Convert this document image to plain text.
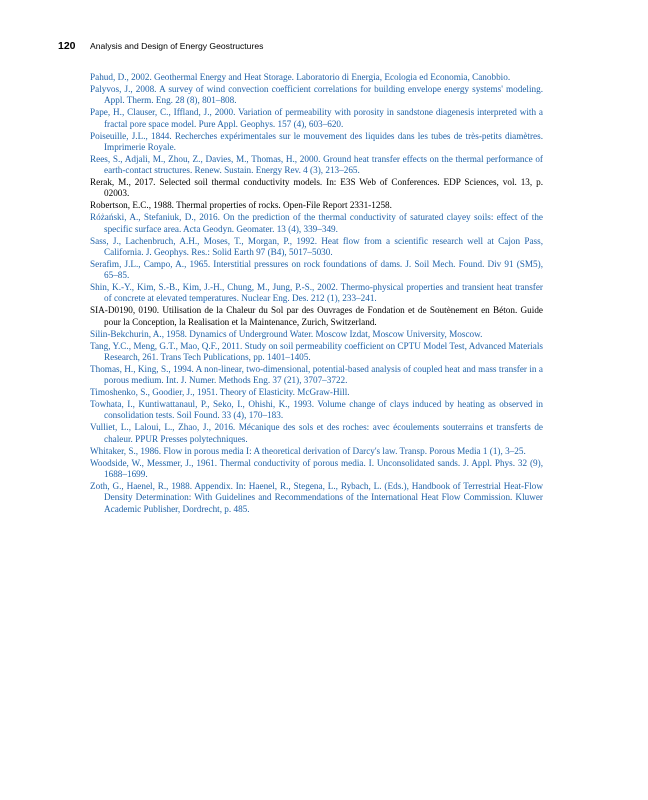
120	Analysis and Design of Energy Geostructures
Pahud, D., 2002. Geothermal Energy and Heat Storage. Laboratorio di Energia, Ecologia ed Economia, Canobbio.
Palyvos, J., 2008. A survey of wind convection coefficient correlations for building envelope energy systems' modeling. Appl. Therm. Eng. 28 (8), 801–808.
Pape, H., Clauser, C., Iffland, J., 2000. Variation of permeability with porosity in sandstone diagenesis interpreted with a fractal pore space model. Pure Appl. Geophys. 157 (4), 603–620.
Poiseuille, J.L., 1844. Recherches expérimentales sur le mouvement des liquides dans les tubes de très-petits diamètres. Imprimerie Royale.
Rees, S., Adjali, M., Zhou, Z., Davies, M., Thomas, H., 2000. Ground heat transfer effects on the thermal performance of earth-contact structures. Renew. Sustain. Energy Rev. 4 (3), 213–265.
Rerak, M., 2017. Selected soil thermal conductivity models. In: E3S Web of Conferences. EDP Sciences, vol. 13, p. 02003.
Robertson, E.C., 1988. Thermal properties of rocks. Open-File Report 2331-1258.
Różański, A., Stefaniuk, D., 2016. On the prediction of the thermal conductivity of saturated clayey soils: effect of the specific surface area. Acta Geodyn. Geomater. 13 (4), 339–349.
Sass, J., Lachenbruch, A.H., Moses, T., Morgan, P., 1992. Heat flow from a scientific research well at Cajon Pass, California. J. Geophys. Res.: Solid Earth 97 (B4), 5017–5030.
Serafim, J.L., Campo, A., 1965. Interstitial pressures on rock foundations of dams. J. Soil Mech. Found. Div 91 (SM5), 65–85.
Shin, K.-Y., Kim, S.-B., Kim, J.-H., Chung, M., Jung, P.-S., 2002. Thermo-physical properties and transient heat transfer of concrete at elevated temperatures. Nuclear Eng. Des. 212 (1), 233–241.
SIA-D0190, 0190. Utilisation de la Chaleur du Sol par des Ouvrages de Fondation et de Soutènement en Béton. Guide pour la Conception, la Realisation et la Maintenance, Zurich, Switzerland.
Silin-Bekchurin, A., 1958. Dynamics of Underground Water. Moscow Izdat, Moscow University, Moscow.
Tang, Y.C., Meng, G.T., Mao, Q.F., 2011. Study on soil permeability coefficient on CPTU Model Test, Advanced Materials Research, 261. Trans Tech Publications, pp. 1401–1405.
Thomas, H., King, S., 1994. A non-linear, two-dimensional, potential-based analysis of coupled heat and mass transfer in a porous medium. Int. J. Numer. Methods Eng. 37 (21), 3707–3722.
Timoshenko, S., Goodier, J., 1951. Theory of Elasticity. McGraw-Hill.
Towhata, I., Kuntiwattanaul, P., Seko, I., Ohishi, K., 1993. Volume change of clays induced by heating as observed in consolidation tests. Soil Found. 33 (4), 170–183.
Vulliet, L., Laloui, L., Zhao, J., 2016. Mécanique des sols et des roches: avec écoulements souterrains et transferts de chaleur. PPUR Presses polytechniques.
Whitaker, S., 1986. Flow in porous media I: A theoretical derivation of Darcy's law. Transp. Porous Media 1 (1), 3–25.
Woodside, W., Messmer, J., 1961. Thermal conductivity of porous media. I. Unconsolidated sands. J. Appl. Phys. 32 (9), 1688–1699.
Zoth, G., Haenel, R., 1988. Appendix. In: Haenel, R., Stegena, L., Rybach, L. (Eds.), Handbook of Terrestrial Heat-Flow Density Determination: With Guidelines and Recommendations of the International Heat Flow Commission. Kluwer Academic Publisher, Dordrecht, p. 485.
